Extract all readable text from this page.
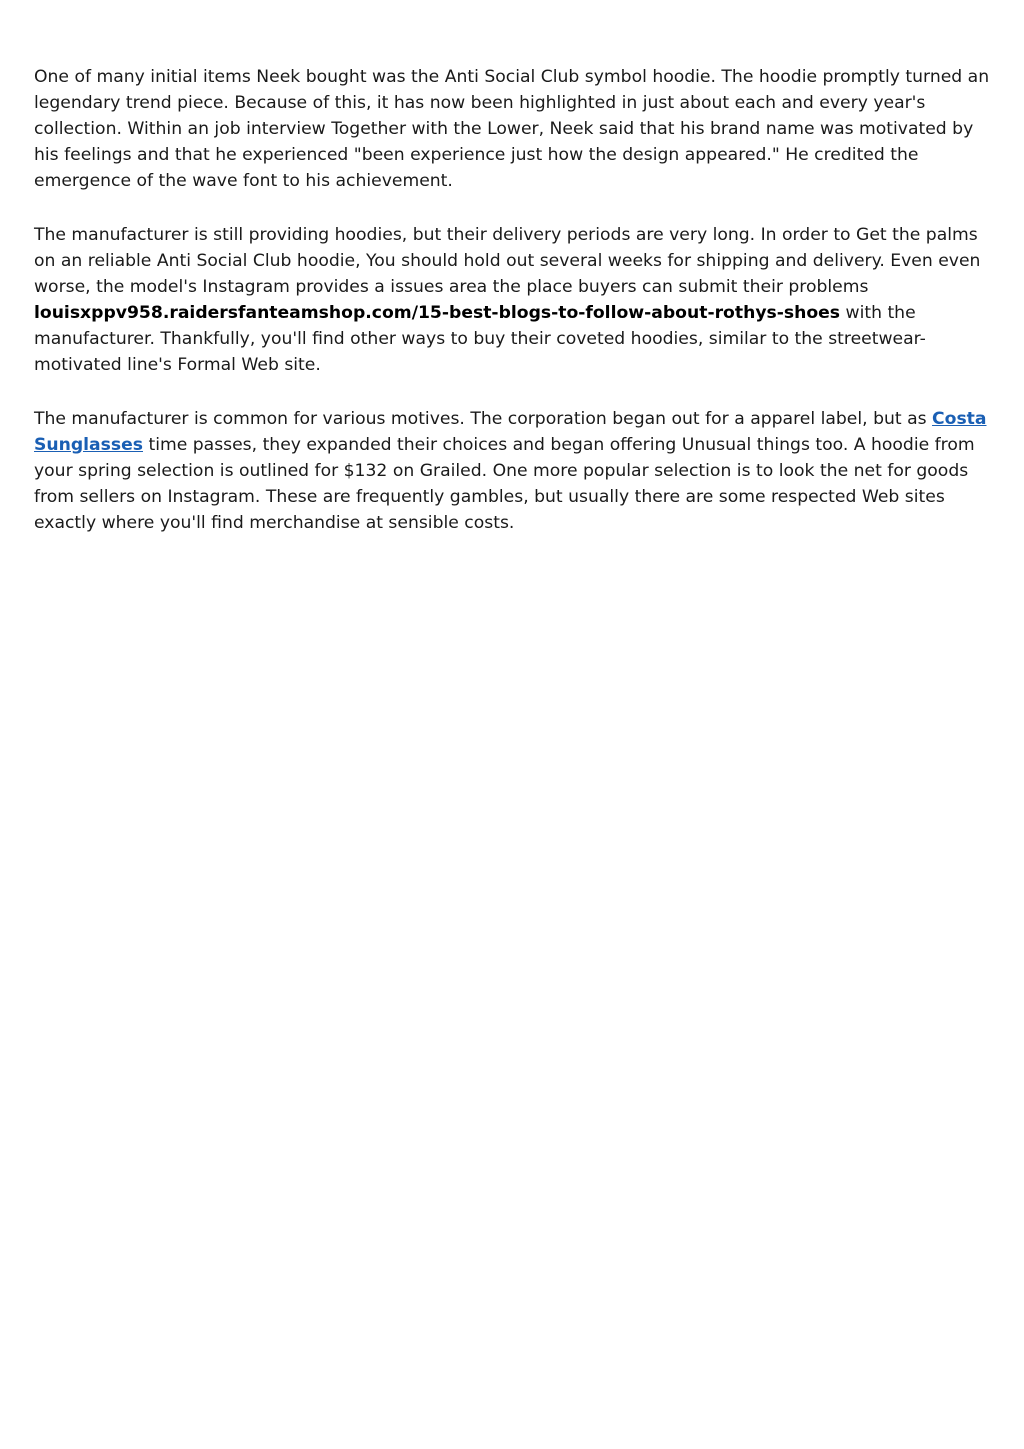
One of many initial items Neek bought was the Anti Social Club symbol hoodie. The hoodie promptly turned an legendary trend piece. Because of this, it has now been highlighted in just about each and every year's collection. Within an job interview Together with the Lower, Neek said that his brand name was motivated by his feelings and that he experienced "been experience just how the design appeared." He credited the emergence of the wave font to his achievement.

The manufacturer is still providing hoodies, but their delivery periods are very long. In order to Get the palms on an reliable Anti Social Club hoodie, You should hold out several weeks for shipping and delivery. Even even worse, the model's Instagram provides a issues area the place buyers can submit their problems louisxppv958.raidersfanteamshop.com/15-best-blogs-to-follow-about-rothys-shoes with the manufacturer. Thankfully, you'll find other ways to buy their coveted hoodies, similar to the streetwear-motivated line's Formal Web site.

The manufacturer is common for various motives. The corporation began out for a apparel label, but as Costa Sunglasses time passes, they expanded their choices and began offering Unusual things too. A hoodie from your spring selection is outlined for $132 on Grailed. One more popular selection is to look the net for goods from sellers on Instagram. These are frequently gambles, but usually there are some respected Web sites exactly where you'll find merchandise at sensible costs.
